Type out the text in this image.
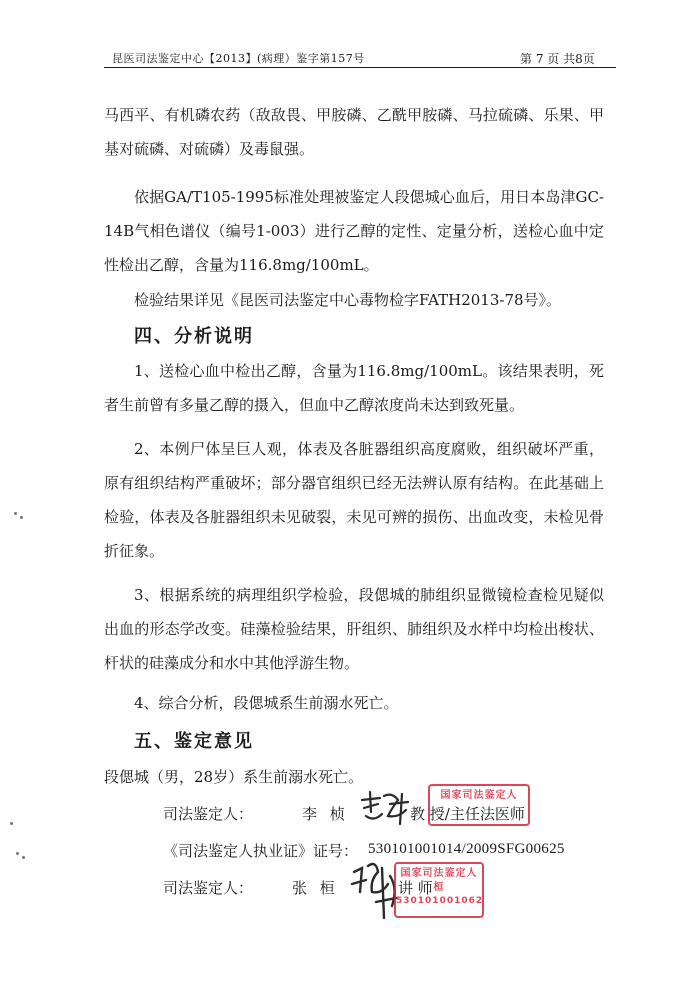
昆医司法鉴定中心【2013】(病理）鉴字第157号	第 7 页 共8页

马西平、有机磷农药（敌敌畏、甲胺磷、乙酰甲胺磷、马拉硫磷、乐果、甲基对硫磷、对硫磷）及毒鼠强。

依据GA/T105-1995标准处理被鉴定人段偲城心血后，用日本岛津GC-14B气相色谱仪（编号1-003）进行乙醇的定性、定量分析，送检心血中定性检出乙醇，含量为116.8mg/100mL。

检验结果详见《昆医司法鉴定中心毒物检字FATH2013-78号》。

四、分析说明

1、送检心血中检出乙醇，含量为116.8mg/100mL。该结果表明，死者生前曾有多量乙醇的摄入，但血中乙醇浓度尚未达到致死量。

2、本例尸体呈巨人观，体表及各脏器组织高度腐败，组织破坏严重，原有组织结构严重破坏；部分器官组织已经无法辨认原有结构。在此基础上检验，体表及各脏器组织未见破裂，未见可辨的损伤、出血改变，未检见骨折征象。

3、根据系统的病理组织学检验，段偲城的肺组织显微镜检查检见疑似出血的形态学改变。硅藻检验结果，肝组织、肺组织及水样中均检出梭状、杆状的硅藻成分和水中其他浮游生物。

4、综合分析，段偲城系生前溺水死亡。

五、鉴定意见
段偲城（男，28岁）系生前溺水死亡。
司法鉴定人：	李 桢	教 授/主任法医师
国家司法鉴定人
《司法鉴定人执业证》证号： 530101001014/2009SFG00625
司法鉴定人：	张 桓	讲 师
国家司法鉴定人
桓
530101001062
